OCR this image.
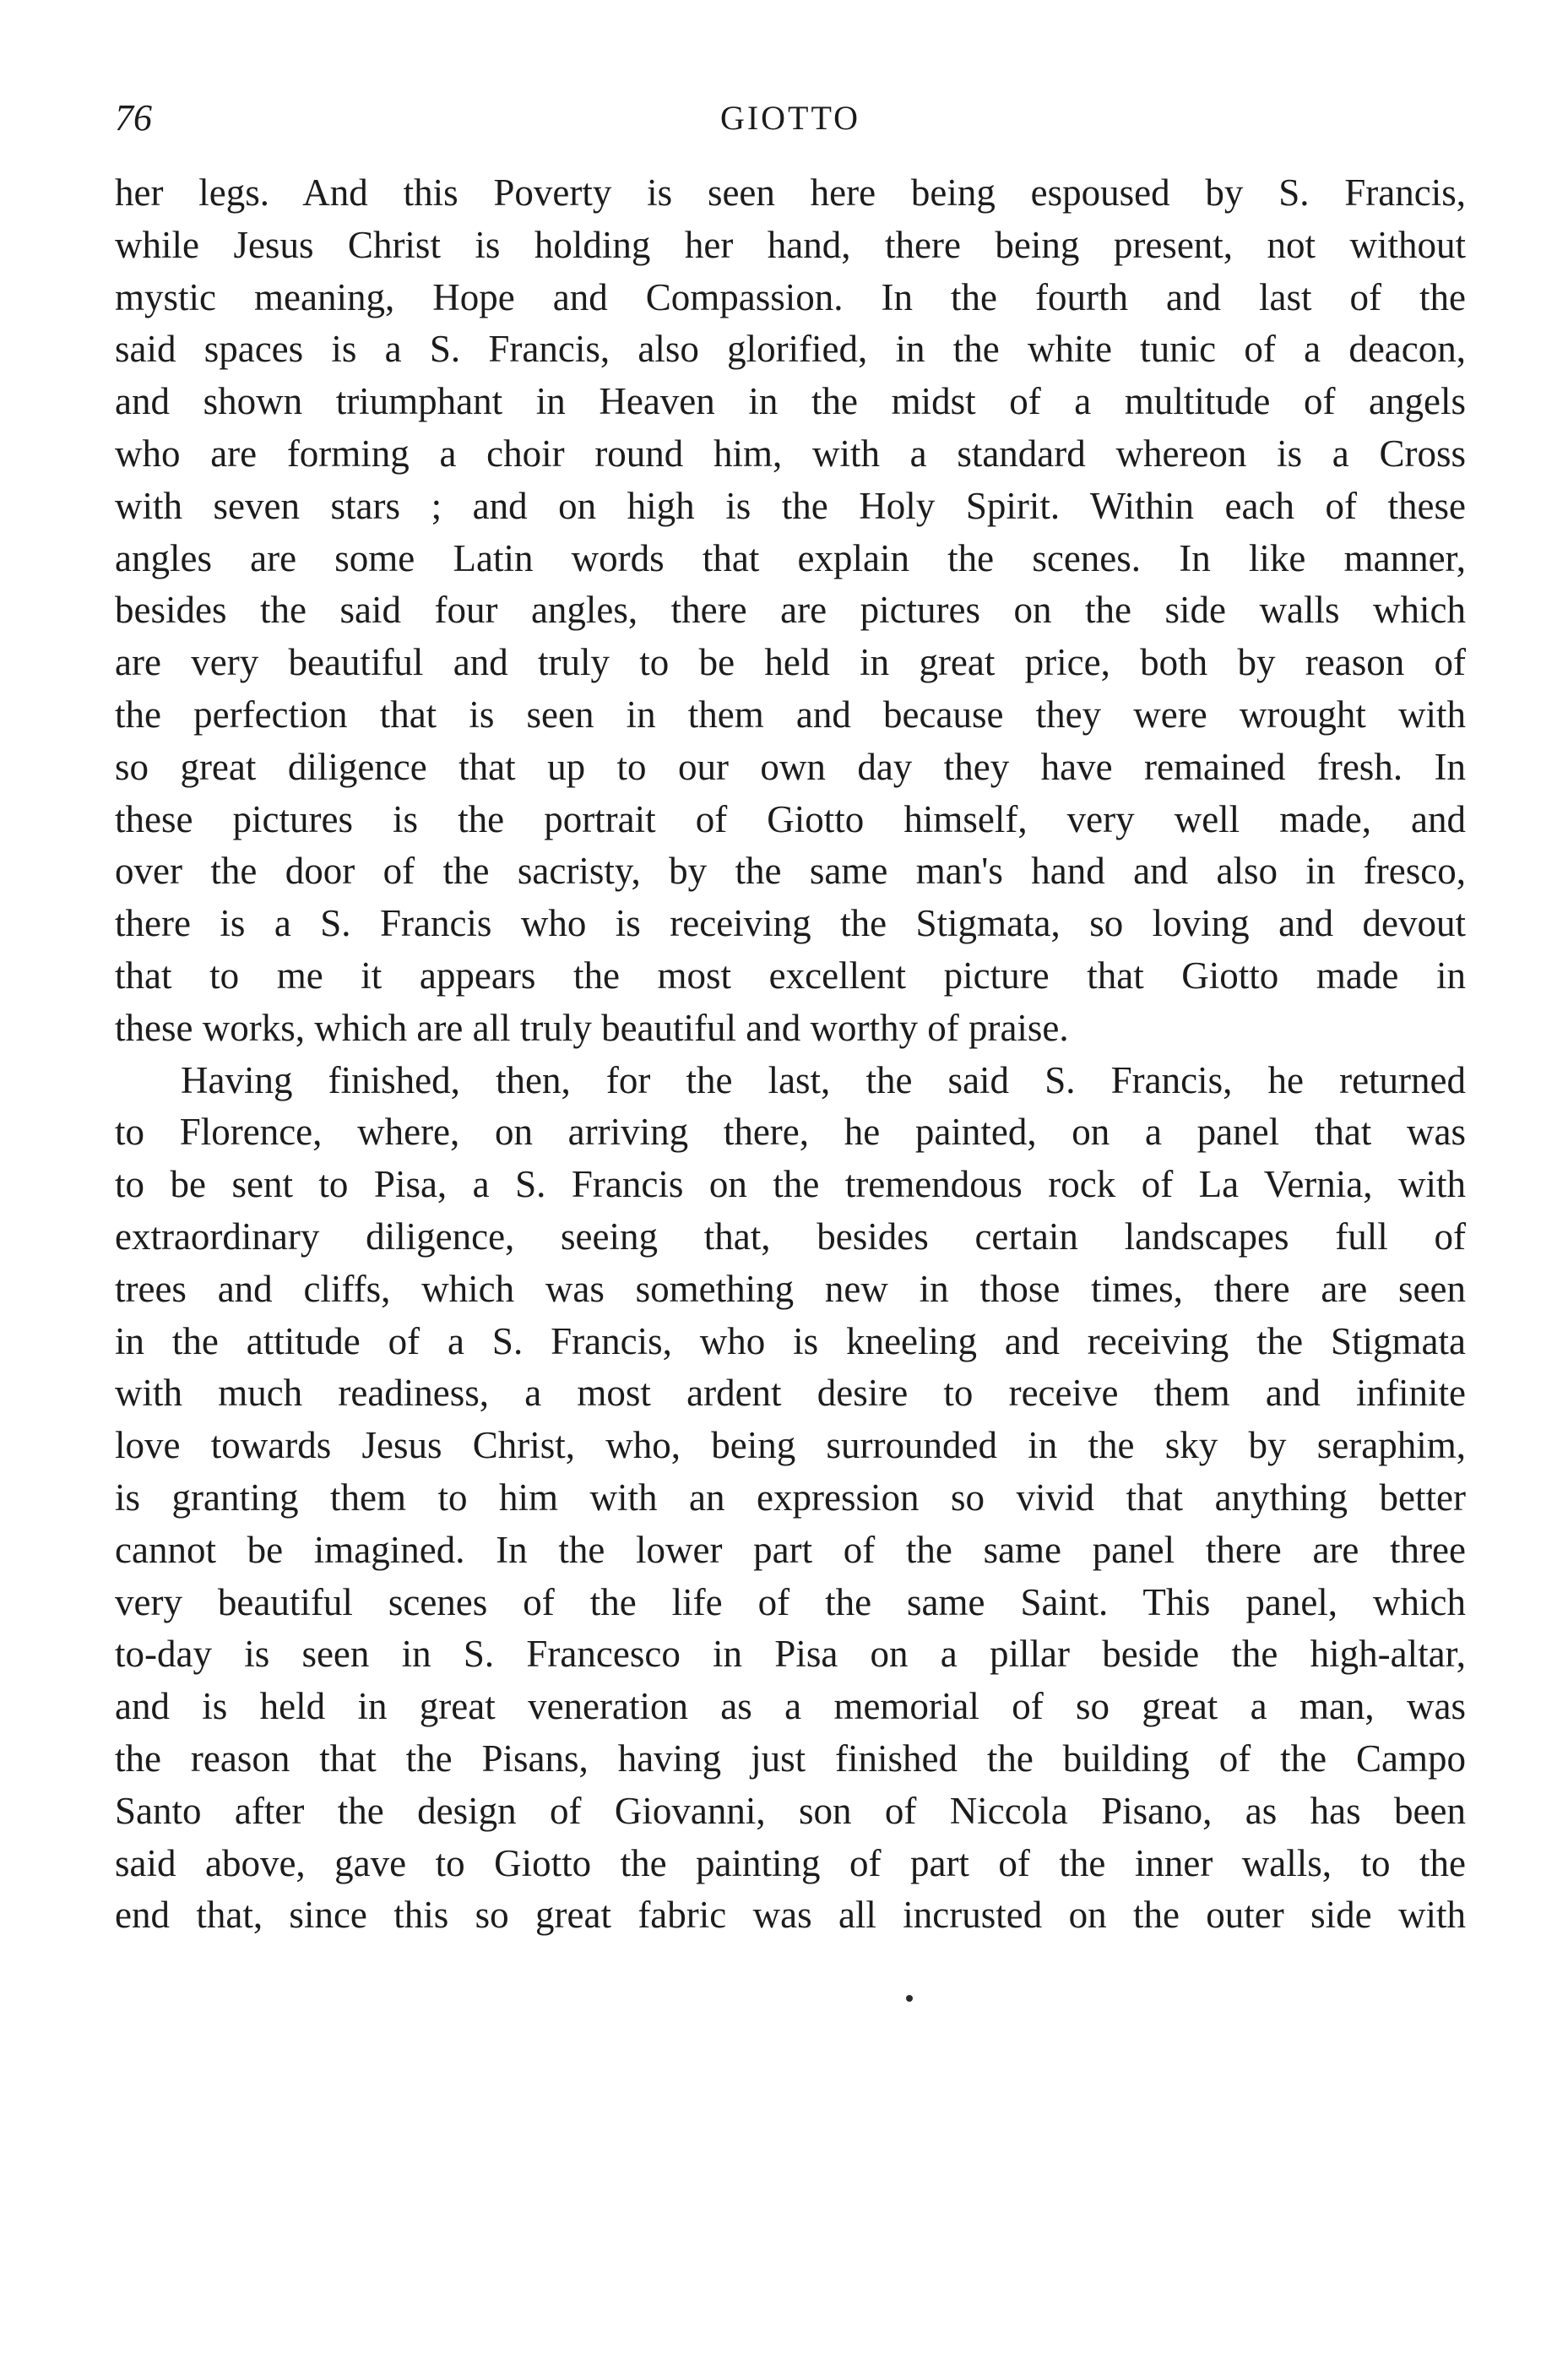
76	GIOTTO
her legs. And this Poverty is seen here being espoused by S. Francis,
while Jesus Christ is holding her hand, there being present, not without
mystic meaning, Hope and Compassion. In the fourth and last of the
said spaces is a S. Francis, also glorified, in the white tunic of a deacon,
and shown triumphant in Heaven in the midst of a multitude of angels
who are forming a choir round him, with a standard whereon is a Cross
with seven stars ; and on high is the Holy Spirit. Within each of these
angles are some Latin words that explain the scenes. In like manner,
besides the said four angles, there are pictures on the side walls which
are very beautiful and truly to be held in great price, both by reason of
the perfection that is seen in them and because they were wrought with
so great diligence that up to our own day they have remained fresh. In
these pictures is the portrait of Giotto himself, very well made, and
over the door of the sacristy, by the same man's hand and also in fresco,
there is a S. Francis who is receiving the Stigmata, so loving and devout
that to me it appears the most excellent picture that Giotto made in
these works, which are all truly beautiful and worthy of praise.
Having finished, then, for the last, the said S. Francis, he returned
to Florence, where, on arriving there, he painted, on a panel that was
to be sent to Pisa, a S. Francis on the tremendous rock of La Vernia, with
extraordinary diligence, seeing that, besides certain landscapes full of
trees and cliffs, which was something new in those times, there are seen
in the attitude of a S. Francis, who is kneeling and receiving the Stigmata
with much readiness, a most ardent desire to receive them and infinite
love towards Jesus Christ, who, being surrounded in the sky by seraphim,
is granting them to him with an expression so vivid that anything better
cannot be imagined. In the lower part of the same panel there are three
very beautiful scenes of the life of the same Saint. This panel, which
to-day is seen in S. Francesco in Pisa on a pillar beside the high-altar,
and is held in great veneration as a memorial of so great a man, was
the reason that the Pisans, having just finished the building of the Campo
Santo after the design of Giovanni, son of Niccola Pisano, as has been
said above, gave to Giotto the painting of part of the inner walls, to the
end that, since this so great fabric was all incrusted on the outer side with
